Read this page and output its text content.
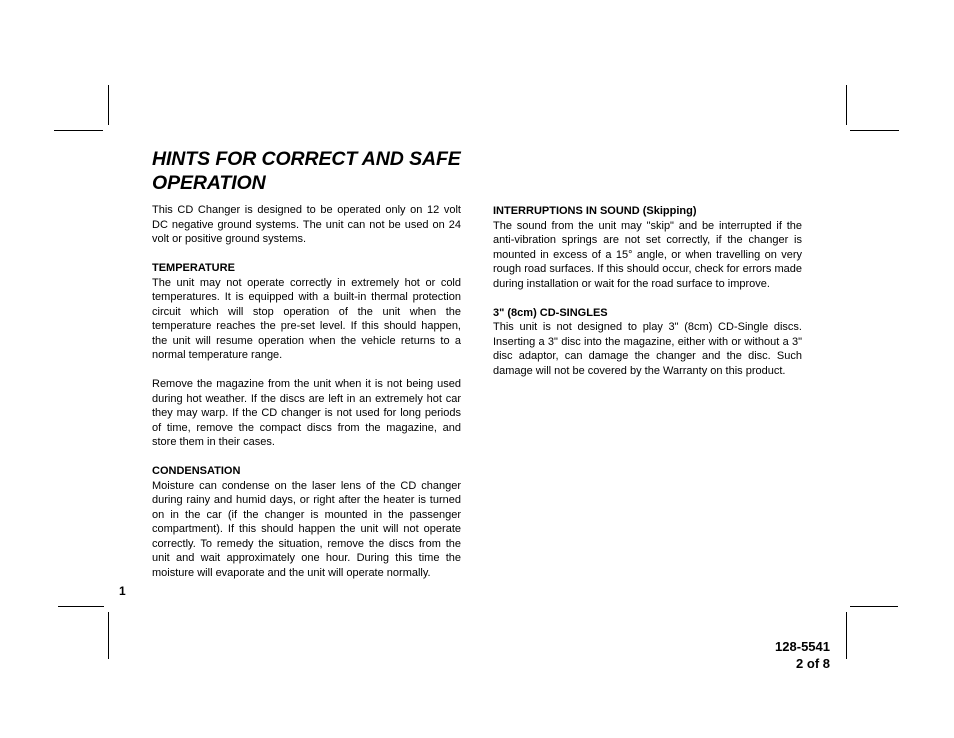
HINTS FOR CORRECT AND SAFE OPERATION

This CD Changer is designed to be operated only on 12 volt DC negative ground systems. The unit can not be used on 24 volt or positive ground systems.

TEMPERATURE

The unit may not operate correctly in extremely hot or cold temperatures. It is equipped with a built-in thermal protection circuit which will stop operation of the unit when the temperature reaches the pre-set level. If this should happen, the unit will resume operation when the vehicle returns to a normal temperature range.

Remove the magazine from the unit when it is not being used during hot weather. If the discs are left in an extremely hot car they may warp. If the CD changer is not used for long periods of time, remove the compact discs from the magazine, and store them in their cases.

CONDENSATION

Moisture can condense on the laser lens of the CD changer during rainy and humid days, or right after the heater is turned on in the car (if the changer is mounted in the passenger compartment). If this should happen the unit will not operate correctly. To remedy the situation, remove the discs from the unit and wait approximately one hour. During this time the moisture will evaporate and the unit will operate normally.

INTERRUPTIONS IN SOUND (Skipping)

The sound from the unit may "skip" and be interrupted if the anti-vibration springs are not set correctly, if the changer is mounted in excess of a 15° angle, or when travelling on very rough road surfaces. If this should occur, check for errors made during installation or wait for the road surface to improve.

3" (8cm) CD-SINGLES

This unit is not designed to play 3" (8cm) CD-Single discs. Inserting a 3" disc into the magazine, either with or without a 3" disc adaptor, can damage the changer and the disc. Such damage will not be covered by the Warranty on this product.

1
128-5541
2 of 8
